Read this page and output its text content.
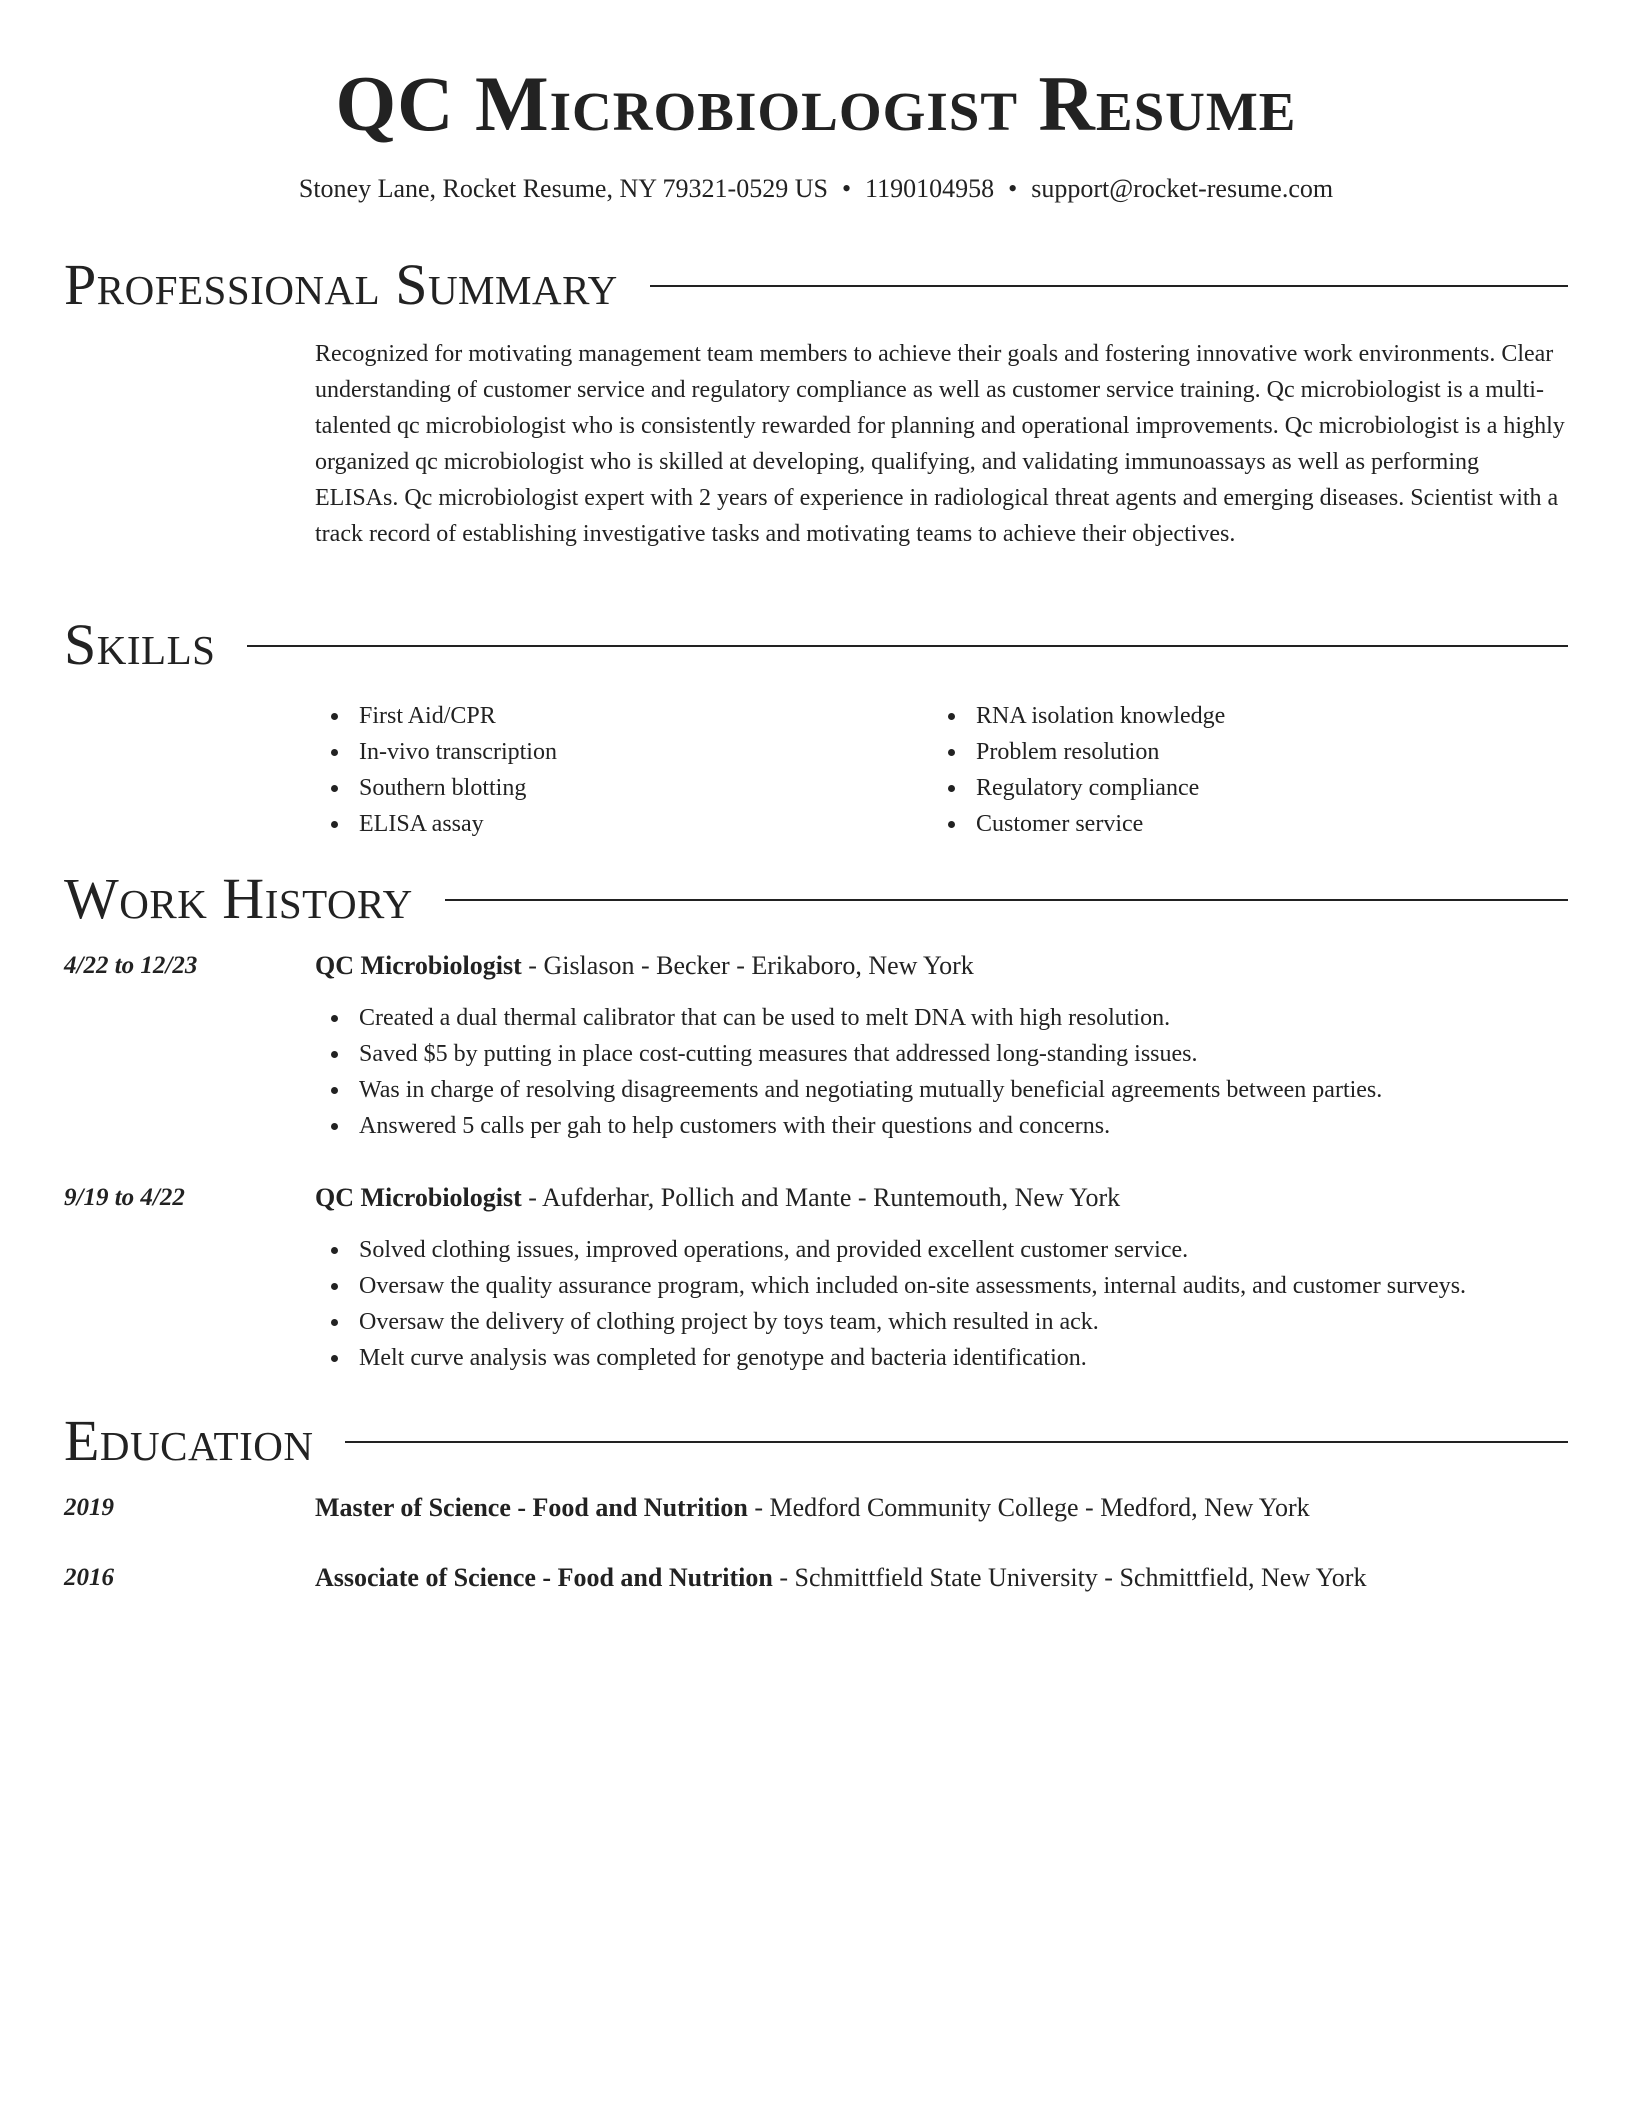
QC Microbiologist Resume
Stoney Lane, Rocket Resume, NY 79321-0529 US • 1190104958 • support@rocket-resume.com
Professional Summary

Recognized for motivating management team members to achieve their goals and fostering innovative work environments. Clear understanding of customer service and regulatory compliance as well as customer service training. Qc microbiologist is a multi-talented qc microbiologist who is consistently rewarded for planning and operational improvements. Qc microbiologist is a highly organized qc microbiologist who is skilled at developing, qualifying, and validating immunoassays as well as performing ELISAs. Qc microbiologist expert with 2 years of experience in radiological threat agents and emerging diseases. Scientist with a track record of establishing investigative tasks and motivating teams to achieve their objectives.

Skills
First Aid/CPR
In-vivo transcription
Southern blotting
ELISA assay
RNA isolation knowledge
Problem resolution
Regulatory compliance
Customer service
Work History
4/22 to 12/23	QC Microbiologist - Gislason - Becker - Erikaboro, New York
Created a dual thermal calibrator that can be used to melt DNA with high resolution.
Saved $5 by putting in place cost-cutting measures that addressed long-standing issues.
Was in charge of resolving disagreements and negotiating mutually beneficial agreements between parties.
Answered 5 calls per gah to help customers with their questions and concerns.
9/19 to 4/22	QC Microbiologist - Aufderhar, Pollich and Mante - Runtemouth, New York
Solved clothing issues, improved operations, and provided excellent customer service.
Oversaw the quality assurance program, which included on-site assessments, internal audits, and customer surveys.
Oversaw the delivery of clothing project by toys team, which resulted in ack.
Melt curve analysis was completed for genotype and bacteria identification.
Education
2019	Master of Science - Food and Nutrition - Medford Community College - Medford, New York
2016	Associate of Science - Food and Nutrition - Schmittfield State University - Schmittfield, New York
